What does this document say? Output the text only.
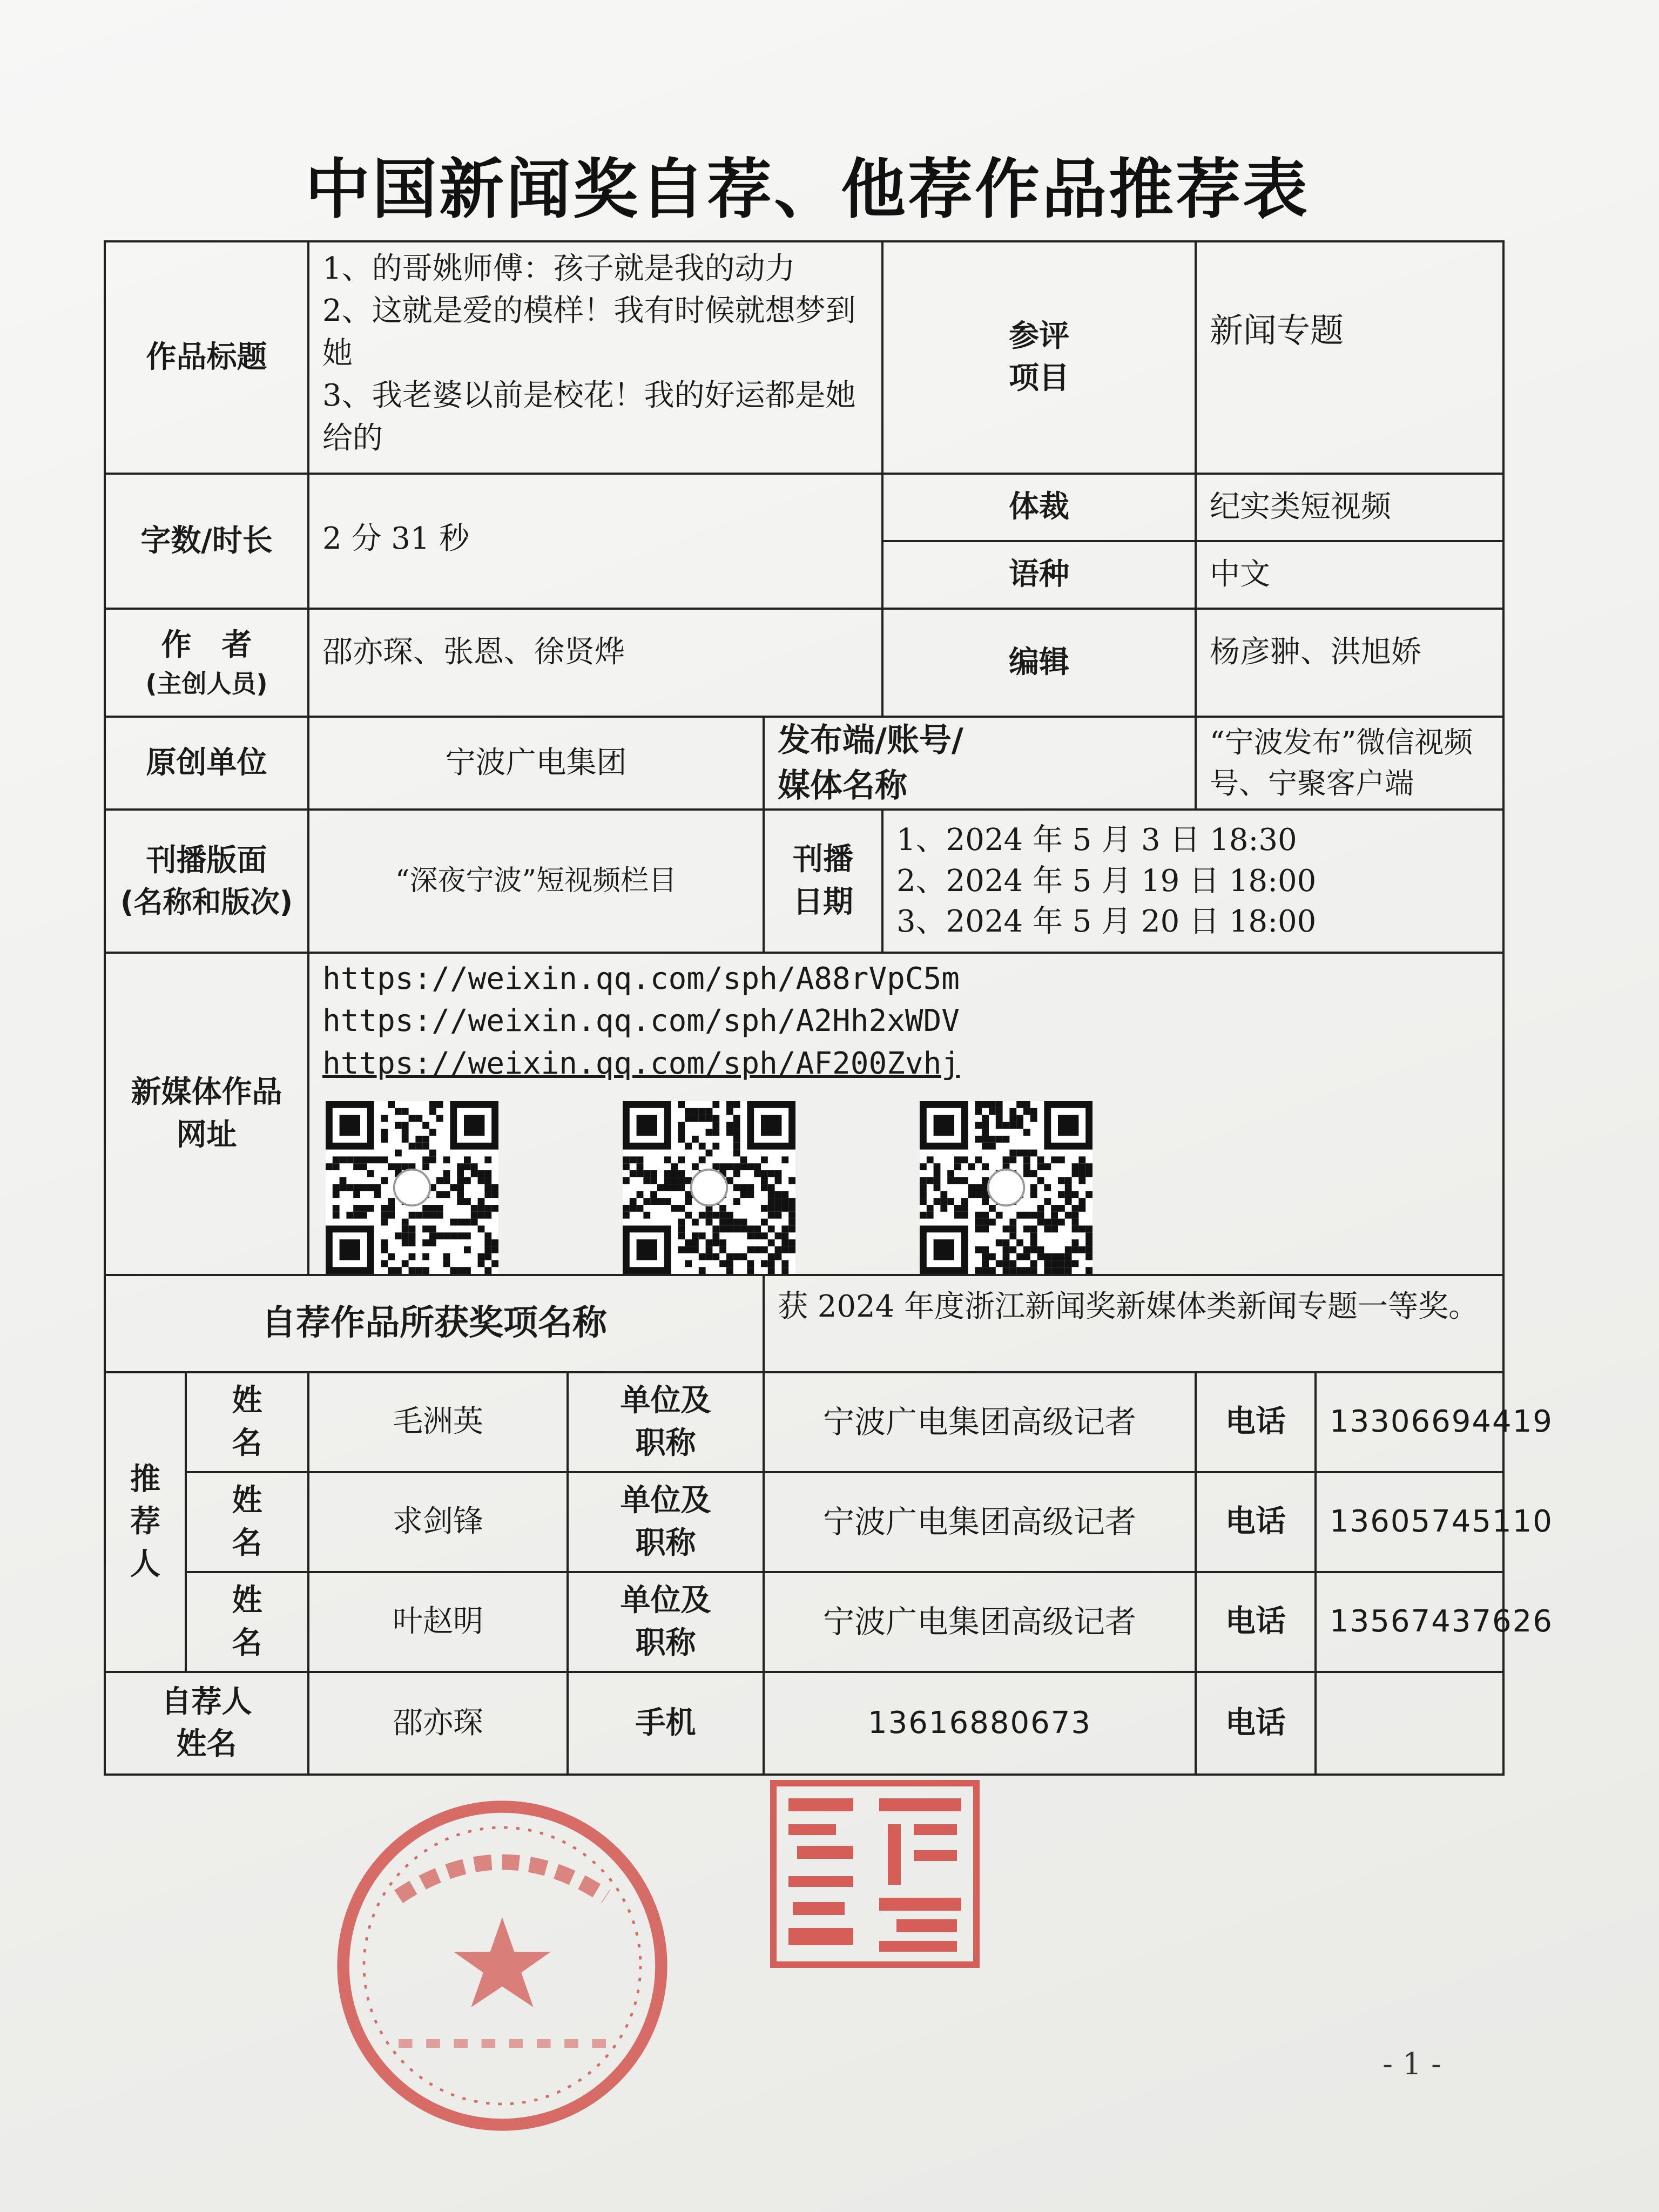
中国新闻奖自荐、他荐作品推荐表
作品标题		1、的哥姚师傅：孩子就是我的动力
2、这就是爱的模样！我有时候就想梦到她
3、我老婆以前是校花！我的好运都是她给的			参评
项目	新闻专题	
字数/时长		2 分 31 秒			体裁	纪实类短视频	
					语种	中文	

作　者
(主创人员)		邵亦琛、张恩、徐贤烨			编辑	杨彦翀、洪旭娇	
原创单位		宁波广电集团		发布端/账号/
媒体名称		“宁波发布”微信视频号、宁聚客户端	

刊播版面
(名称和版次)		“深夜宁波”短视频栏目		刊播
日期	1、2024 年 5 月 3 日 18:30
2、2024 年 5 月 19 日 18:00
3、2024 年 5 月 20 日 18:00		

新媒体作品
网址		https://weixin.qq.com/sph/A88rVpC5m
https://weixin.qq.com/sph/A2Hh2xWDV
https://weixin.qq.com/sph/AF200Zvhj					

自荐作品所获奖项名称				获 2024 年度浙江新闻奖新媒体类新闻专题一等奖。			

推
荐
人	姓
名	毛洲英	单位及
职称	宁波广电集团高级记者		电话	13306694419

	姓
名	求剑锋	单位及
职称	宁波广电集团高级记者		电话	13605745110

	姓
名	叶赵明	单位及
职称	宁波广电集团高级记者		电话	13567437626

自荐人
姓名		邵亦琛	手机	13616880673		电话	
- 1 -
